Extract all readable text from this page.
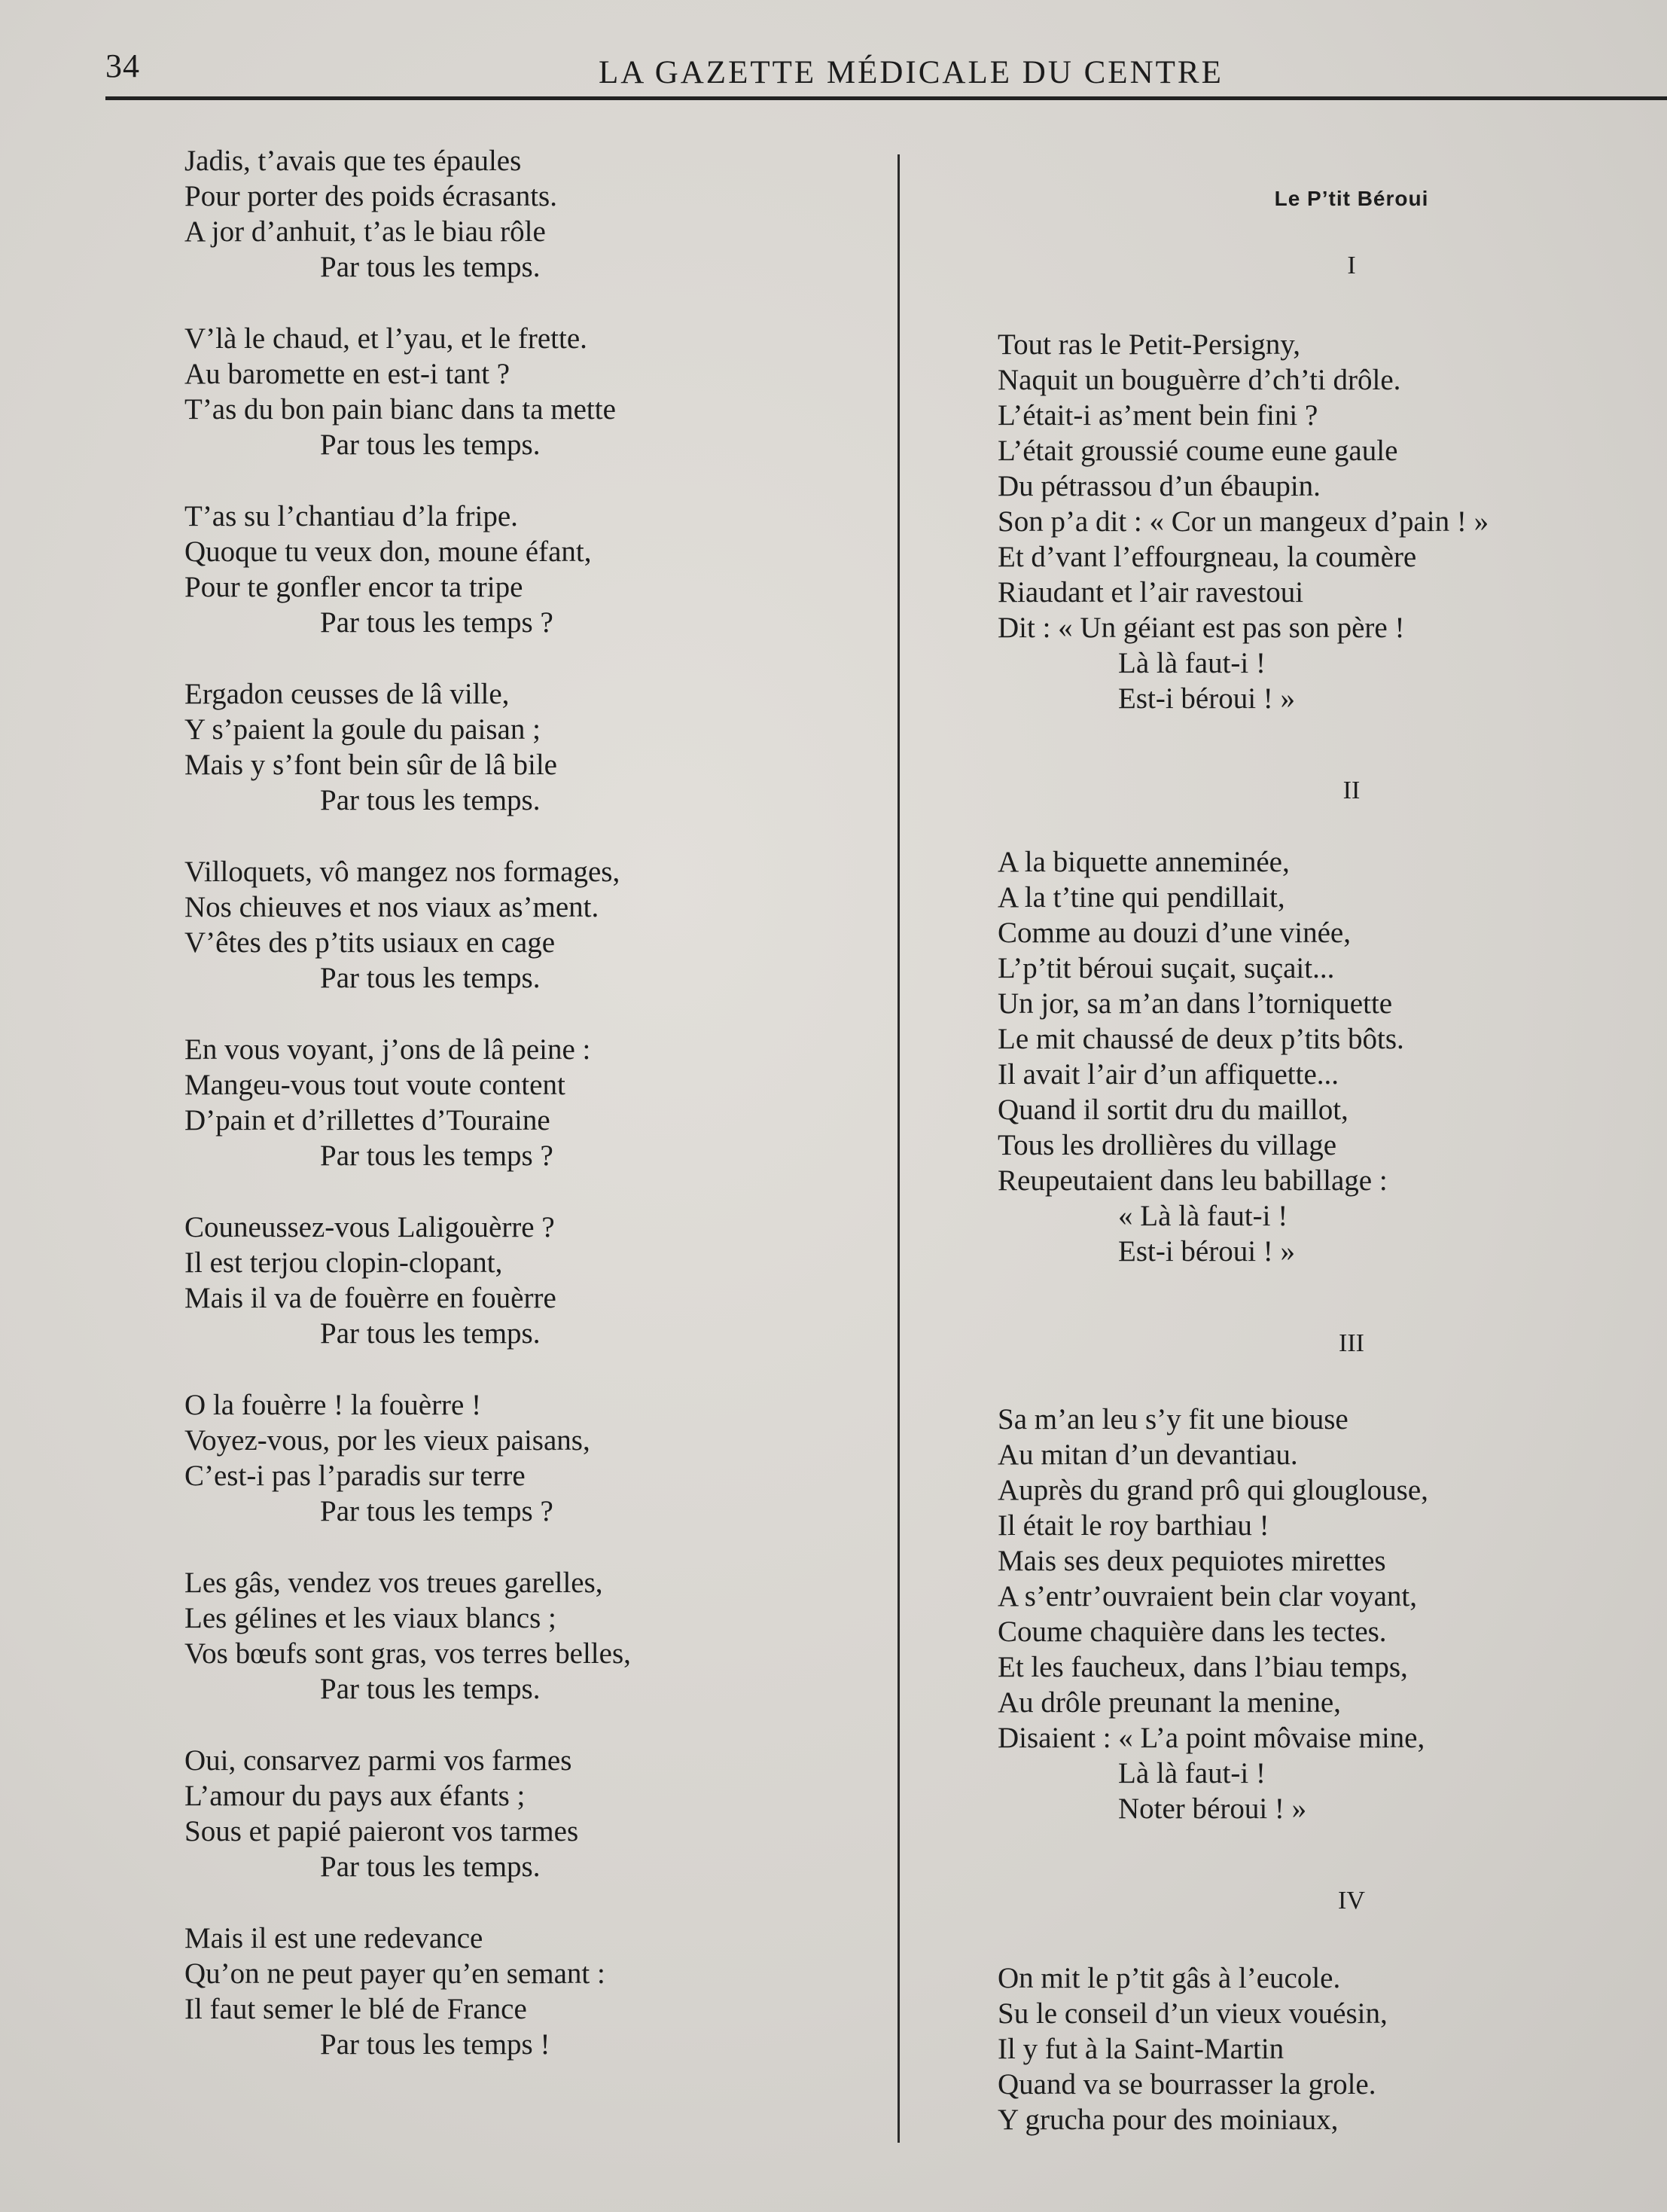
34	LA GAZETTE MÉDICALE DU CENTRE
Jadis, t’avais que tes épaules
Pour porter des poids écrasants.
A jor d’anhuit, t’as le biau rôle
Par tous les temps.
V’là le chaud, et l’yau, et le frette.
Au baromette en est-i tant ?
T’as du bon pain bianc dans ta mette
Par tous les temps.
T’as su l’chantiau d’la fripe.
Quoque tu veux don, moune éfant,
Pour te gonfler encor ta tripe
Par tous les temps ?
Ergadon ceusses de lâ ville,
Y s’paient la goule du paisan ;
Mais y s’font bein sûr de lâ bile
Par tous les temps.
Villoquets, vô mangez nos formages,
Nos chieuves et nos viaux as’ment.
V’êtes des p’tits usiaux en cage
Par tous les temps.
En vous voyant, j’ons de lâ peine :
Mangeu-vous tout voute content
D’pain et d’rillettes d’Touraine
Par tous les temps ?
Couneussez-vous Laligouèrre ?
Il est terjou clopin-clopant,
Mais il va de fouèrre en fouèrre
Par tous les temps.
O la fouèrre ! la fouèrre !
Voyez-vous, por les vieux paisans,
C’est-i pas l’paradis sur terre
Par tous les temps ?
Les gâs, vendez vos treues garelles,
Les gélines et les viaux blancs ;
Vos bœufs sont gras, vos terres belles,
Par tous les temps.
Oui, consarvez parmi vos farmes
L’amour du pays aux éfants ;
Sous et papié paieront vos tarmes
Par tous les temps.
Mais il est une redevance
Qu’on ne peut payer qu’en semant :
Il faut semer le blé de France
Par tous les temps !
Le P’tit Béroui
I
Tout ras le Petit-Persigny,
Naquit un bouguèrre d’ch’ti drôle.
L’était-i as’ment bein fini ?
L’était groussié coume eune gaule
Du pétrassou d’un ébaupin.
Son p’a dit : « Cor un mangeux d’pain ! »
Et d’vant l’effourgneau, la coumère
Riaudant et l’air ravestoui
Dit : « Un géiant est pas son père !
Là là faut-i !
Est-i béroui ! »
II
A la biquette anneminée,
A la t’tine qui pendillait,
Comme au douzi d’une vinée,
L’p’tit béroui suçait, suçait...
Un jor, sa m’an dans l’torniquette
Le mit chaussé de deux p’tits bôts.
Il avait l’air d’un affiquette...
Quand il sortit dru du maillot,
Tous les drollières du village
Reupeutaient dans leu babillage :
« Là là faut-i !
Est-i béroui ! »
III
Sa m’an leu s’y fit une biouse
Au mitan d’un devantiau.
Auprès du grand prô qui glouglouse,
Il était le roy barthiau !
Mais ses deux pequiotes mirettes
A s’entr’ouvraient bein clar voyant,
Coume chaquière dans les tectes.
Et les faucheux, dans l’biau temps,
Au drôle preunant la menine,
Disaient : « L’a point môvaise mine,
Là là faut-i !
Noter béroui ! »
IV
On mit le p’tit gâs à l’eucole.
Su le conseil d’un vieux vouésin,
Il y fut à la Saint-Martin
Quand va se bourrasser la grole.
Y grucha pour des moiniaux,
